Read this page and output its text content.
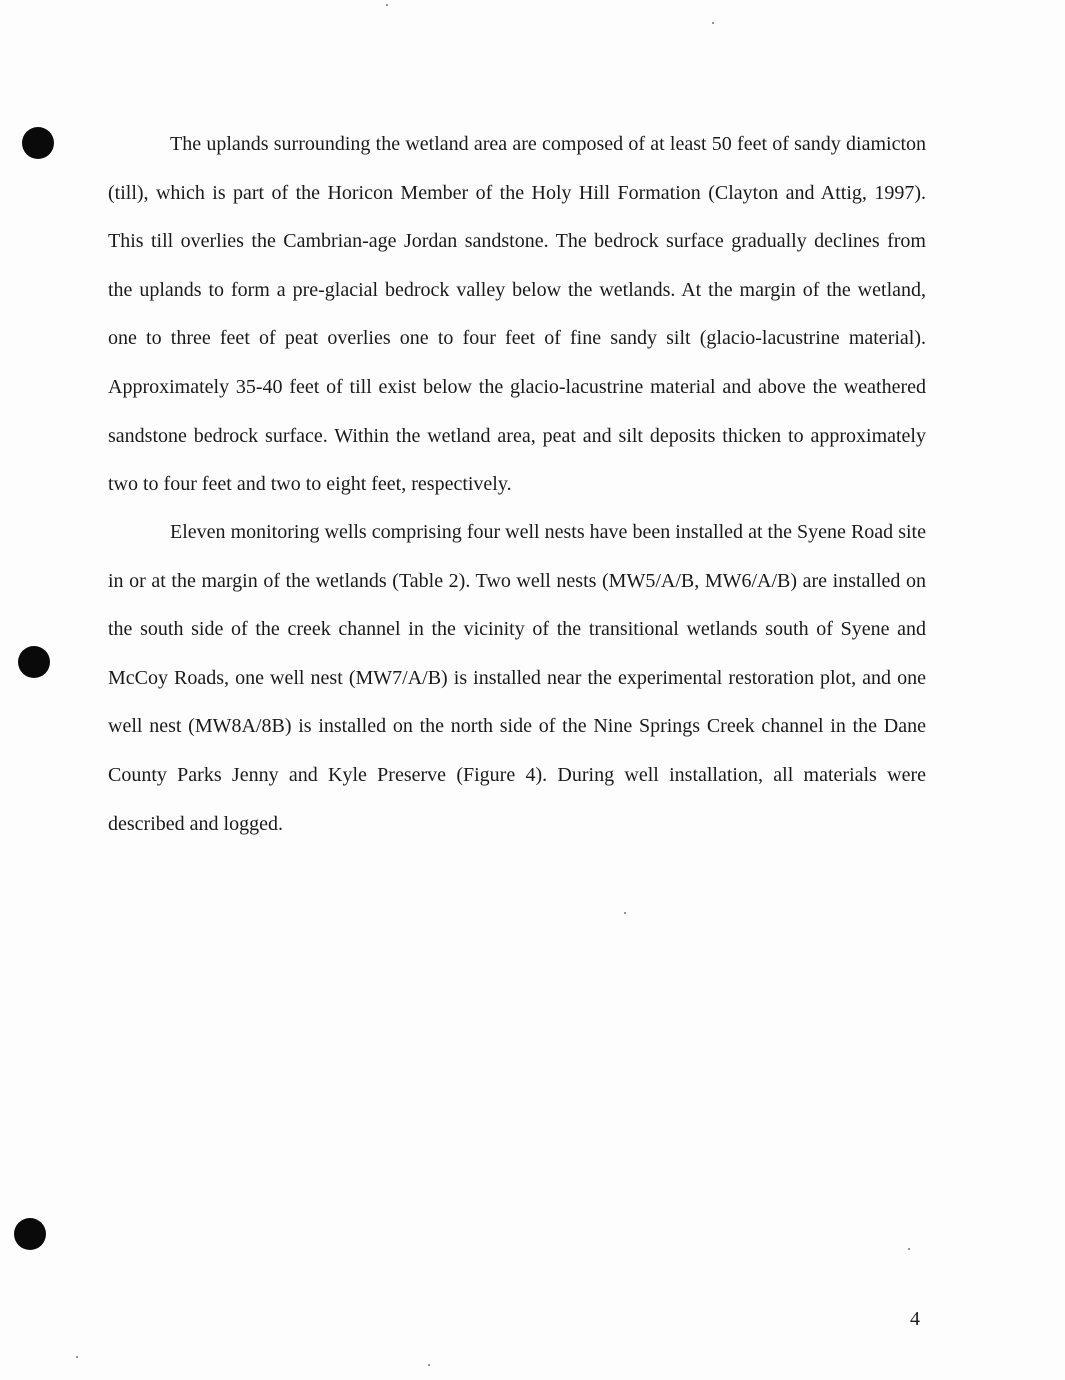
The uplands surrounding the wetland area are composed of at least 50 feet of sandy diamicton (till), which is part of the Horicon Member of the Holy Hill Formation (Clayton and Attig, 1997). This till overlies the Cambrian-age Jordan sandstone. The bedrock surface gradually declines from the uplands to form a pre-glacial bedrock valley below the wetlands. At the margin of the wetland, one to three feet of peat overlies one to four feet of fine sandy silt (glacio-lacustrine material). Approximately 35-40 feet of till exist below the glacio-lacustrine material and above the weathered sandstone bedrock surface. Within the wetland area, peat and silt deposits thicken to approximately two to four feet and two to eight feet, respectively.

Eleven monitoring wells comprising four well nests have been installed at the Syene Road site in or at the margin of the wetlands (Table 2). Two well nests (MW5/A/B, MW6/A/B) are installed on the south side of the creek channel in the vicinity of the transitional wetlands south of Syene and McCoy Roads, one well nest (MW7/A/B) is installed near the experimental restoration plot, and one well nest (MW8A/8B) is installed on the north side of the Nine Springs Creek channel in the Dane County Parks Jenny and Kyle Preserve (Figure 4). During well installation, all materials were described and logged.

4
